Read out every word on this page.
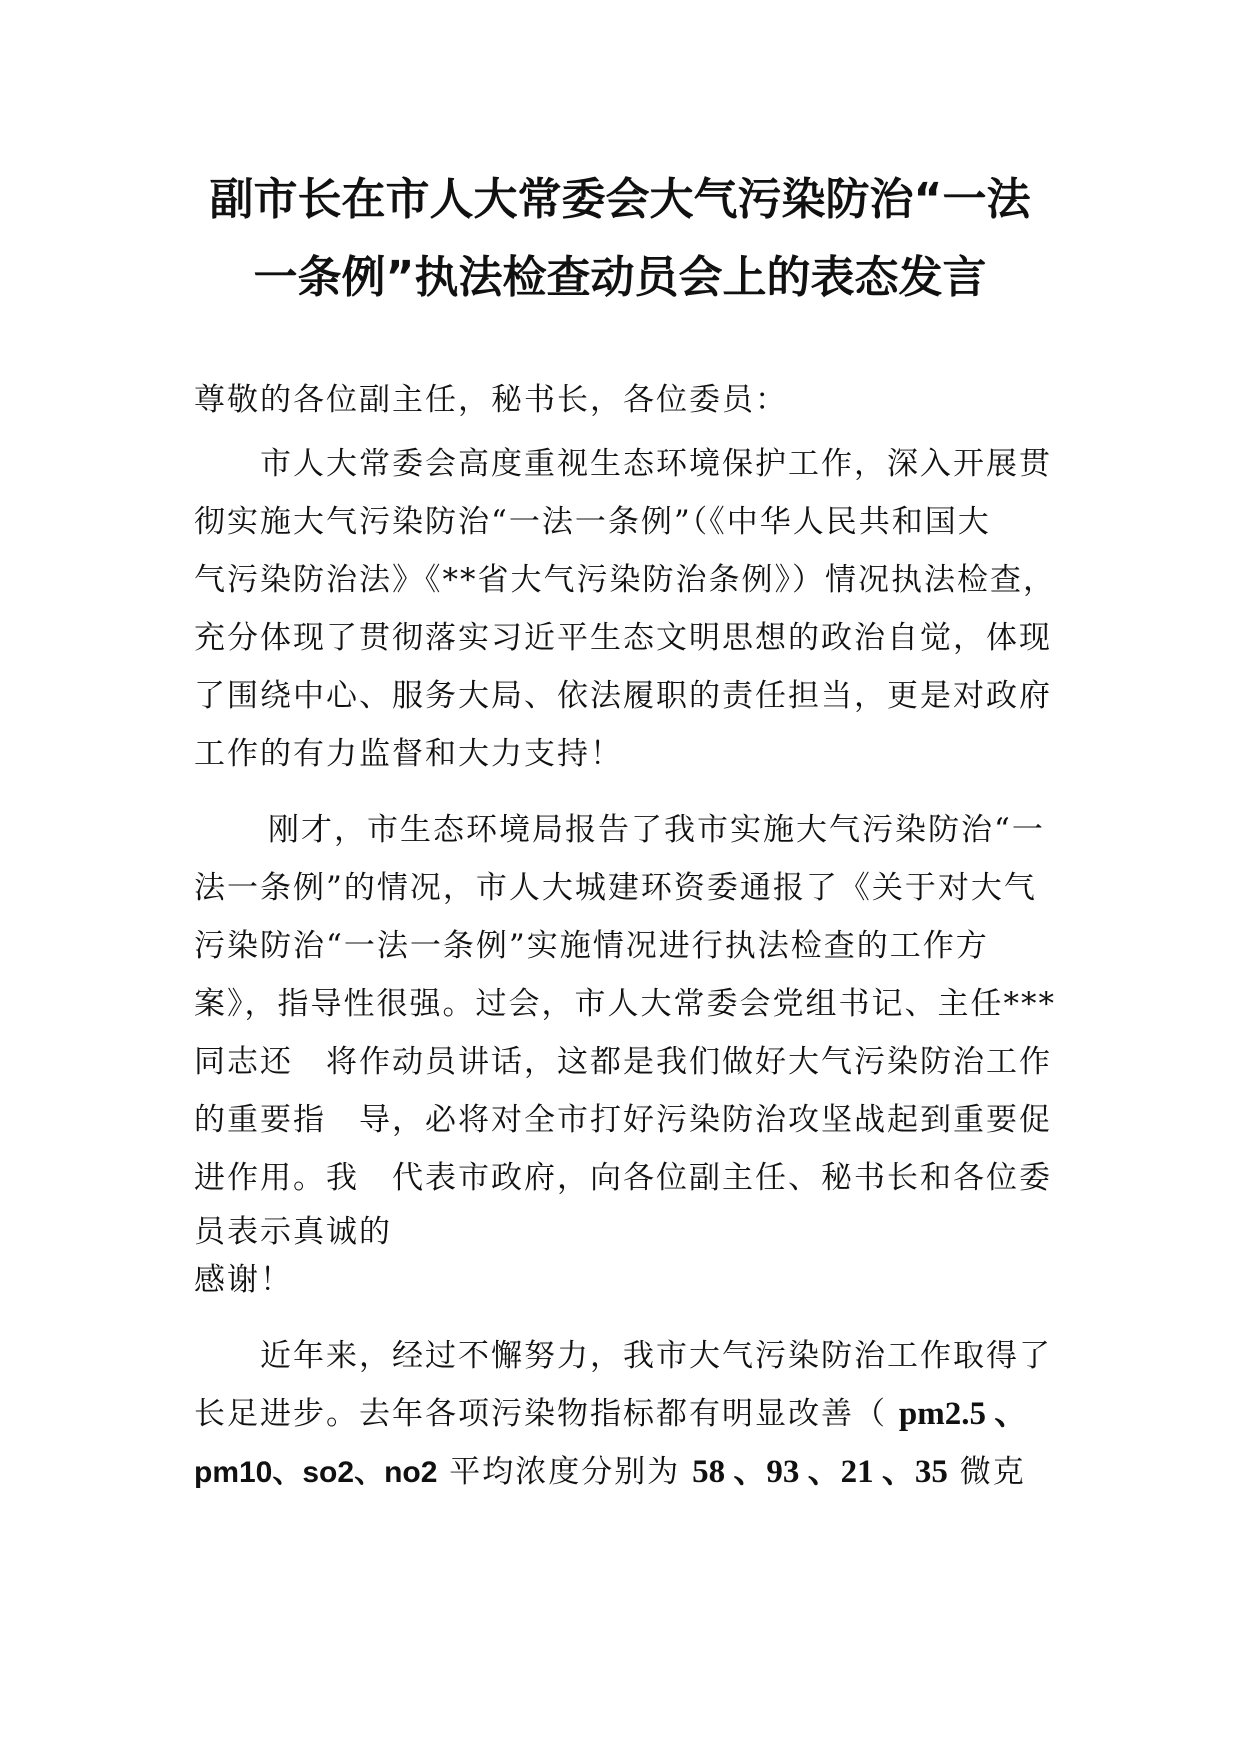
副市长在市人大常委会大气污染防治“一法
一条例”执法检查动员会上的表态发言
尊敬的各位副主任，秘书长，各位委员：
市人大常委会高度重视生态环境保护工作，深入开展贯
彻实施大气污染防治“一法一条例”（《中华人民共和国大
气污染防治法》《**省大气污染防治条例》）情况执法检查，
充分体现了贯彻落实习近平生态文明思想的政治自觉，体现
了围绕中心、服务大局、依法履职的责任担当，更是对政府
工作的有力监督和大力支持！
刚才，市生态环境局报告了我市实施大气污染防治“一
法一条例”的情况，市人大城建环资委通报了《关于对大气
污染防治“一法一条例”实施情况进行执法检查的工作方
案》，指导性很强。过会，市人大常委会党组书记、主任***
同志还　将作动员讲话，这都是我们做好大气污染防治工作
的重要指　导，必将对全市打好污染防治攻坚战起到重要促
进作用。我　代表市政府，向各位副主任、秘书长和各位委
员表示真诚的
感谢！
近年来，经过不懈努力，我市大气污染防治工作取得了
长足进步。去年各项污染物指标都有明显改善（ pm2.5 、
pm10、so2、no2 平均浓度分别为 58 、93 、21 、35 微克
